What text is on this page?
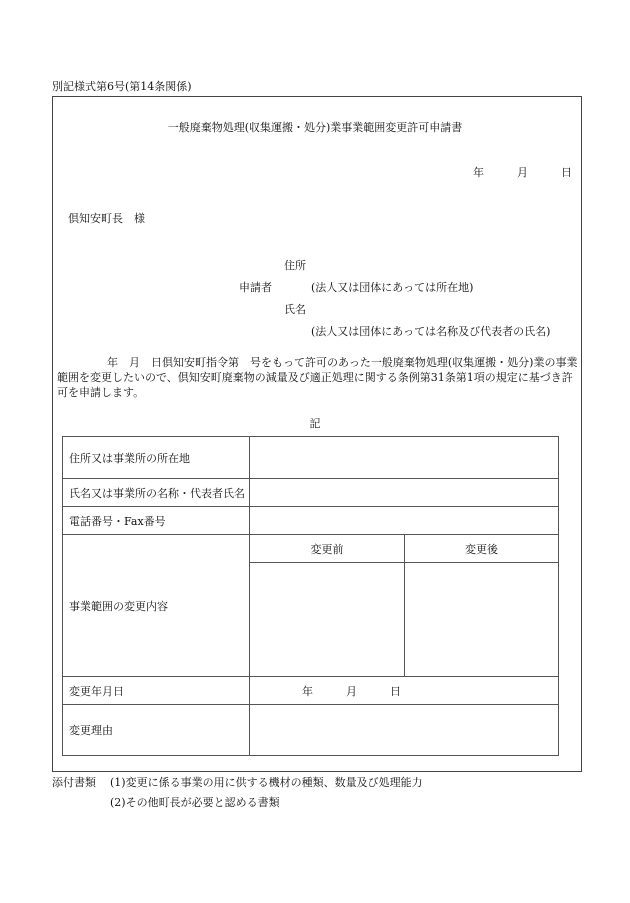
別記様式第6号(第14条関係)
一般廃棄物処理(収集運搬・処分)業事業範囲変更許可申請書
年	月	日
倶知安町長　様
住所
申請者	(法人又は団体にあっては所在地)
氏名
(法人又は団体にあっては名称及び代表者の氏名)
年　月　日倶知安町指令第　号をもって許可のあった一般廃棄物処理(収集運搬・処分)業の事業範囲を変更したいので、倶知安町廃棄物の減量及び適正処理に関する条例第31条第1項の規定に基づき許可を申請します。
記
住所又は事業所の所在地		
氏名又は事業所の名称・代表者氏名		
電話番号・Fax番号		
事業範囲の変更内容	変更前	変更後

変更年月日	年 月 日	
変更理由		
添付書類 (1)変更に係る事業の用に供する機材の種類、数量及び処理能力
(2)その他町長が必要と認める書類
